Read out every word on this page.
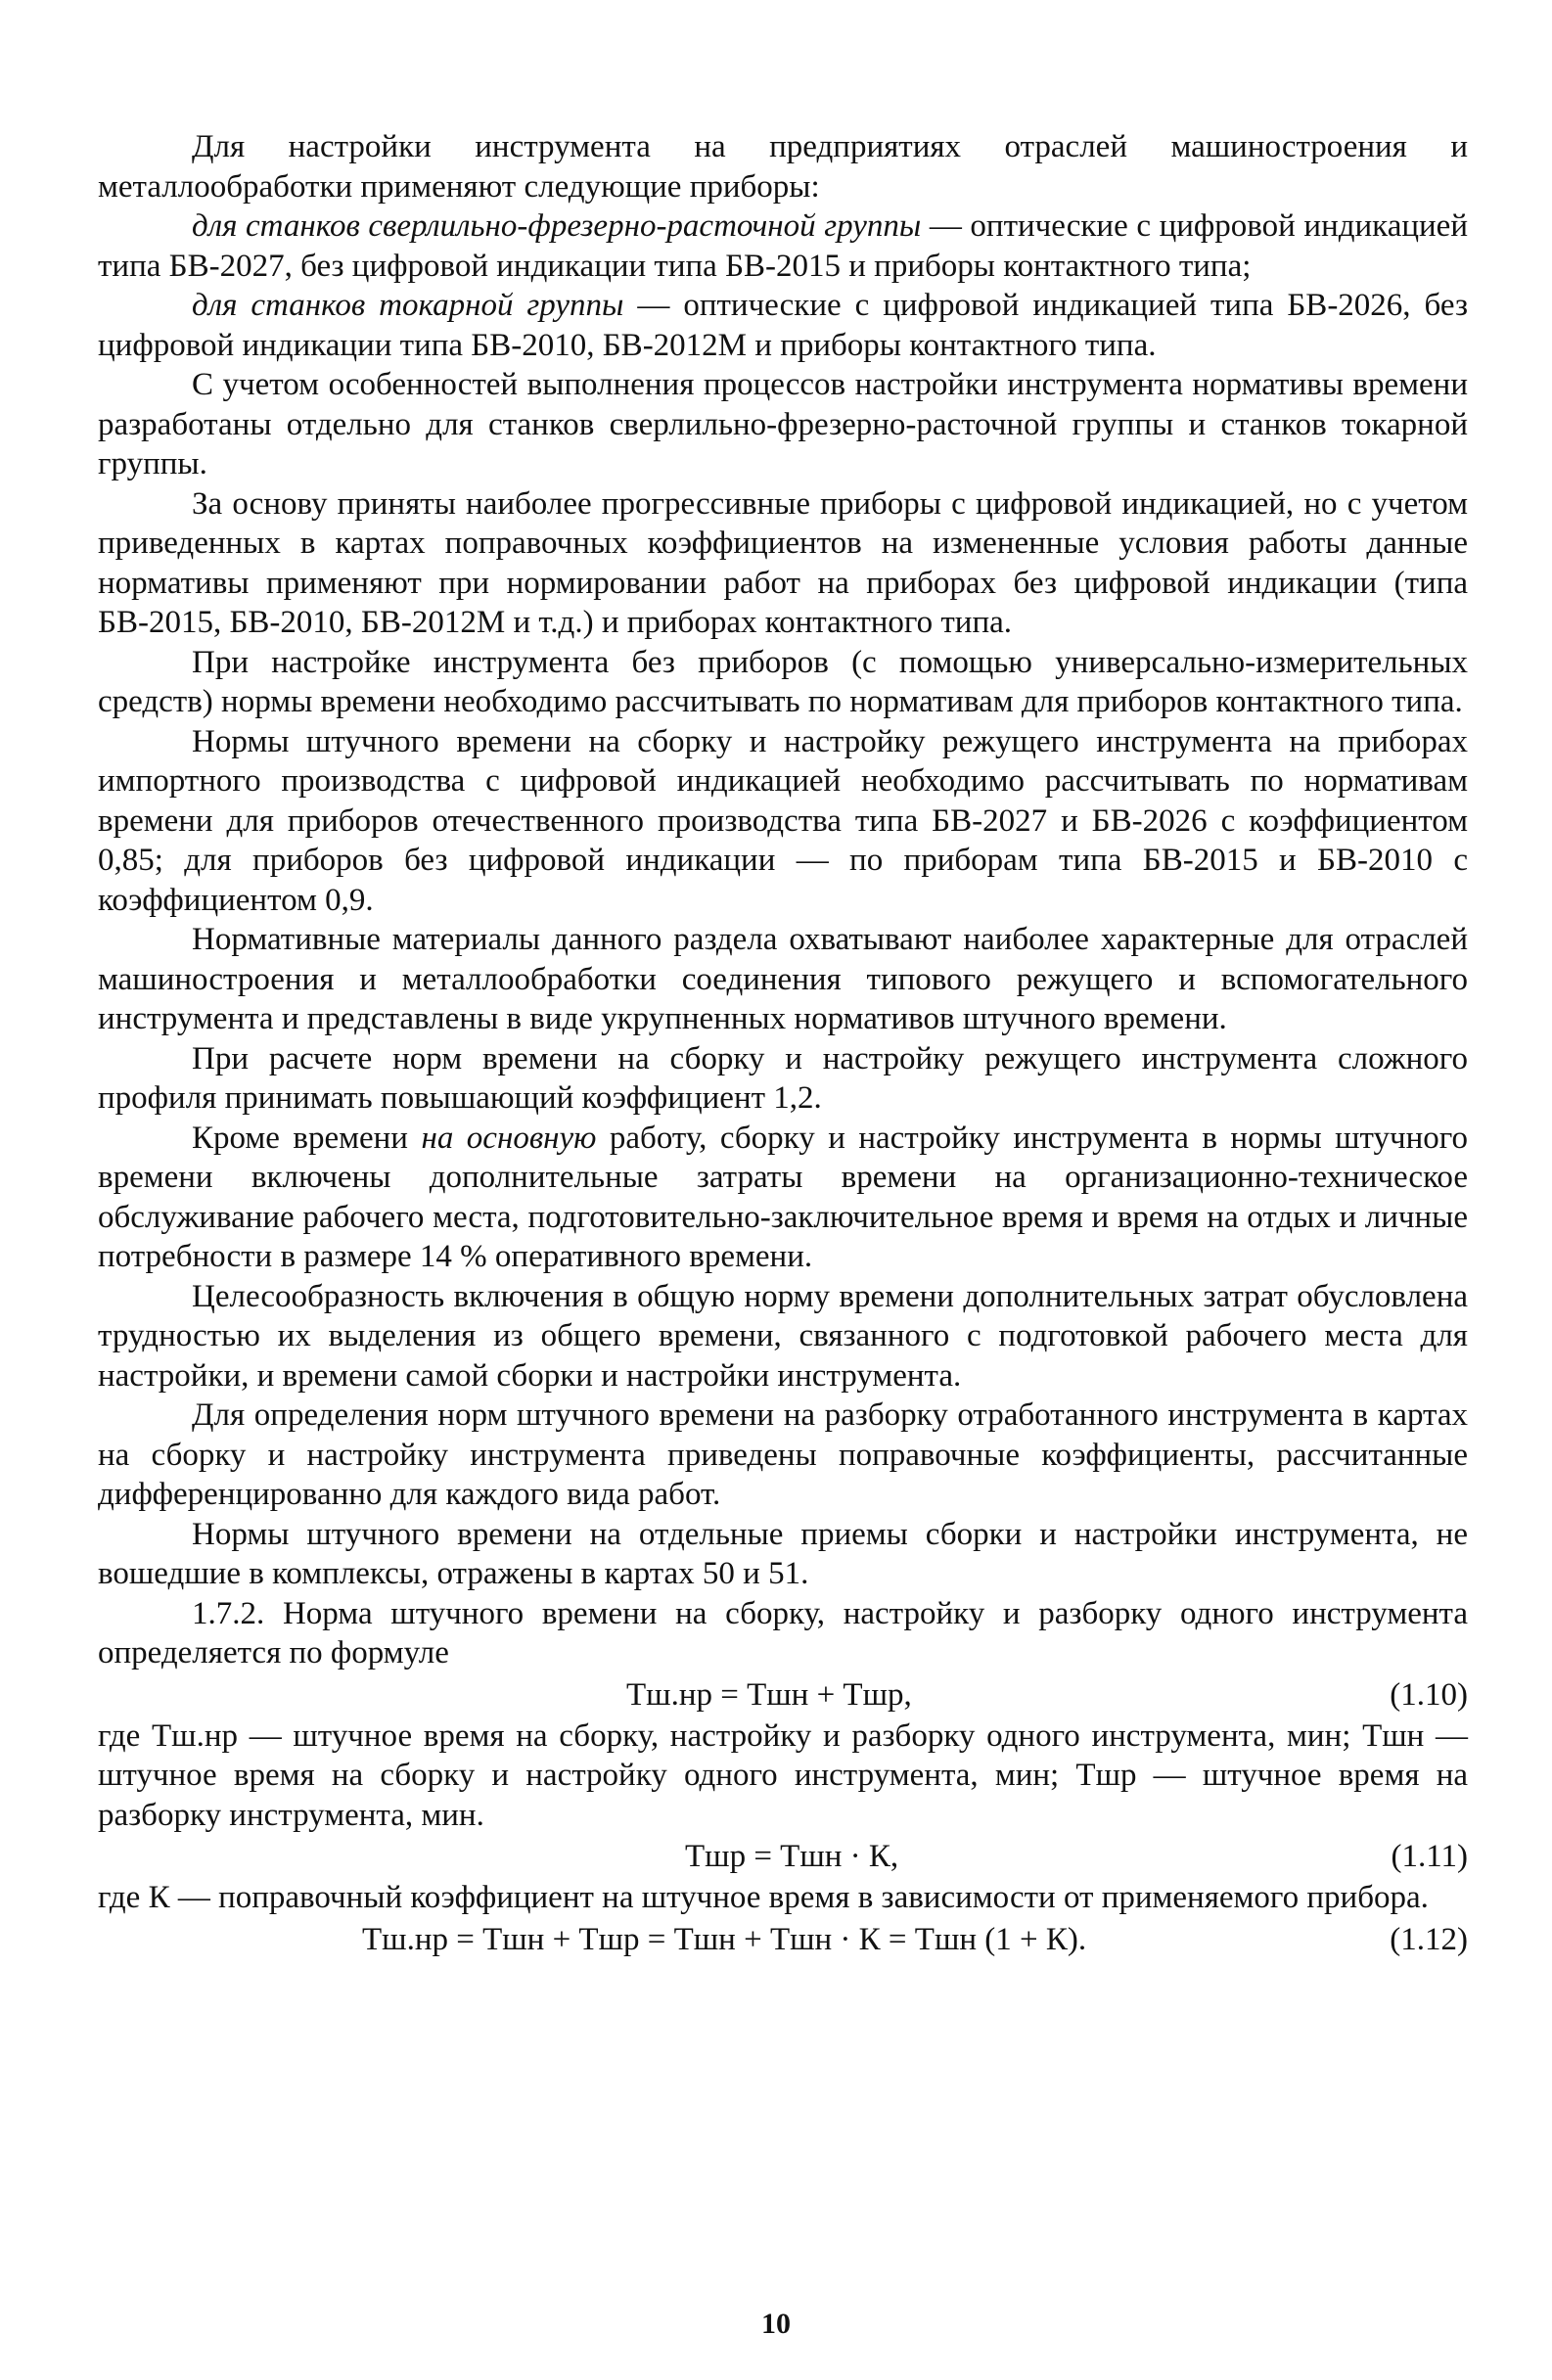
Для настройки инструмента на предприятиях отраслей машиностроения и металлообработки применяют следующие приборы:

для станков сверлильно-фрезерно-расточной группы — оптические с цифровой индикацией типа БВ-2027, без цифровой индикации типа БВ-2015 и приборы контактного типа;

для станков токарной группы — оптические с цифровой индикацией типа БВ-2026, без цифровой индикации типа БВ-2010, БВ-2012М и приборы контактного типа.

С учетом особенностей выполнения процессов настройки инструмента нормативы времени разработаны отдельно для станков сверлильно-фрезерно-расточной группы и станков токарной группы.

За основу приняты наиболее прогрессивные приборы с цифровой индикацией, но с учетом приведенных в картах поправочных коэффициентов на измененные условия работы данные нормативы применяют при нормировании работ на приборах без цифровой индикации (типа БВ-2015, БВ-2010, БВ-2012М и т.д.) и приборах контактного типа.

При настройке инструмента без приборов (с помощью универсально-измерительных средств) нормы времени необходимо рассчитывать по нормативам для приборов контактного типа.

Нормы штучного времени на сборку и настройку режущего инструмента на приборах импортного производства с цифровой индикацией необходимо рассчитывать по нормативам времени для приборов отечественного производства типа БВ-2027 и БВ-2026 с коэффициентом 0,85; для приборов без цифровой индикации — по приборам типа БВ-2015 и БВ-2010 с коэффициентом 0,9.

Нормативные материалы данного раздела охватывают наиболее характерные для отраслей машиностроения и металлообработки соединения типового режущего и вспомогательного инструмента и представлены в виде укрупненных нормативов штучного времени.

При расчете норм времени на сборку и настройку режущего инструмента сложного профиля принимать повышающий коэффициент 1,2.

Кроме времени на основную работу, сборку и настройку инструмента в нормы штучного времени включены дополнительные затраты времени на организационно-техническое обслуживание рабочего места, подготовительно-заключительное время и время на отдых и личные потребности в размере 14 % оперативного времени.

Целесообразность включения в общую норму времени дополнительных затрат обусловлена трудностью их выделения из общего времени, связанного с подготовкой рабочего места для настройки, и времени самой сборки и настройки инструмента.

Для определения норм штучного времени на разборку отработанного инструмента в картах на сборку и настройку инструмента приведены поправочные коэффициенты, рассчитанные дифференцированно для каждого вида работ.

Нормы штучного времени на отдельные приемы сборки и настройки инструмента, не вошедшие в комплексы, отражены в картах 50 и 51.

1.7.2. Норма штучного времени на сборку, настройку и разборку одного инструмента определяется по формуле

Тш.нр = Тшн + Тшр,	(1.10)

где Тш.нр — штучное время на сборку, настройку и разборку одного инструмента, мин; Тшн — штучное время на сборку и настройку одного инструмента, мин; Тшр — штучное время на разборку инструмента, мин.

Тшр = Тшн · К,	(1.11)

где К — поправочный коэффициент на штучное время в зависимости от применяемого прибора.

Тш.нр = Тшн + Тшр = Тшн + Тшн · К = Тшн (1 + К).	(1.12)
10
